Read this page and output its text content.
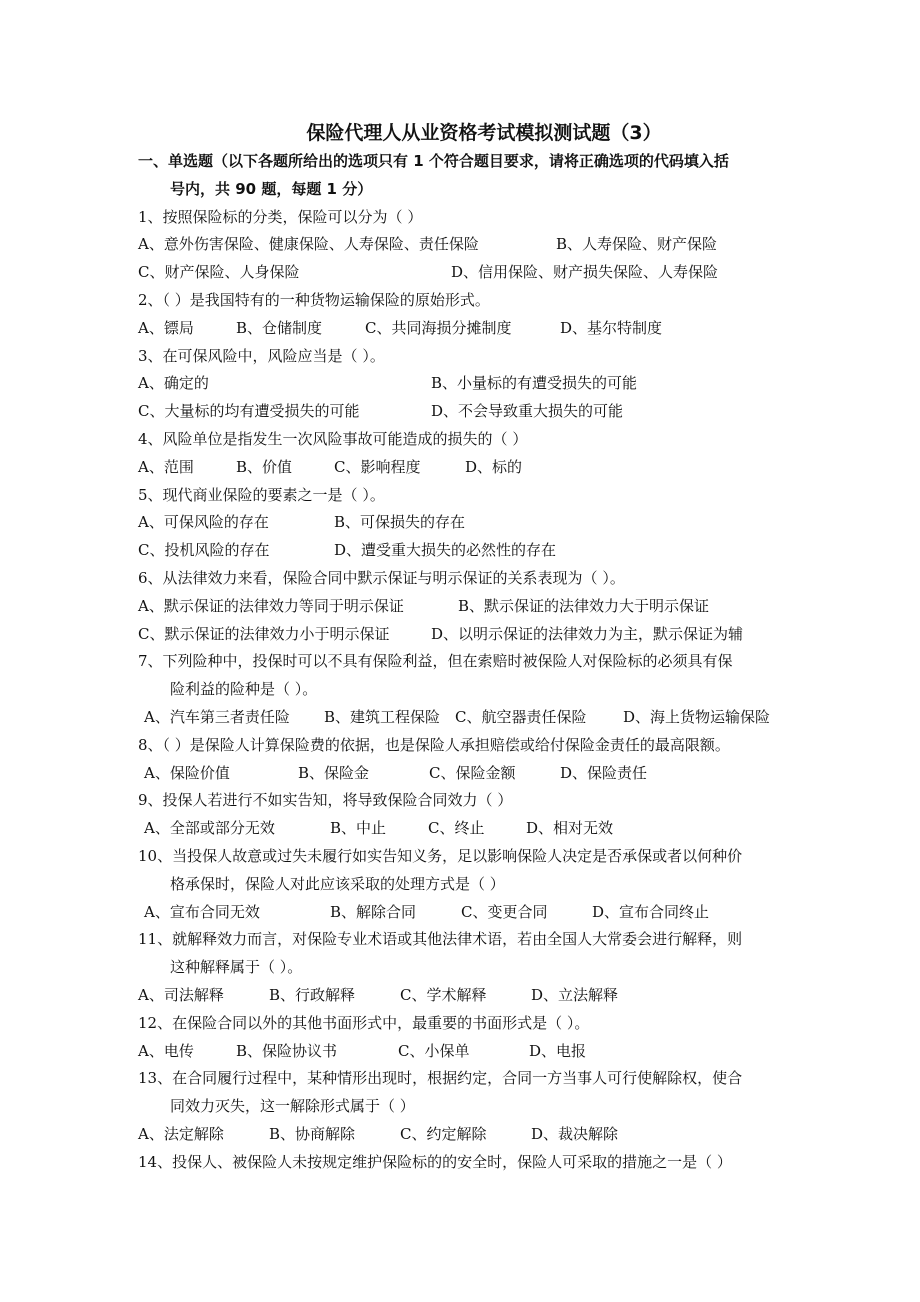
保险代理人从业资格考试模拟测试题（3）
一、单选题（以下各题所给出的选项只有 1 个符合题目要求，请将正确选项的代码填入括
号内，共 90 题，每题 1 分）
1、按照保险标的分类，保险可以分为（ ）
A、意外伤害保险、健康保险、人寿保险、责任保险	B、人寿保险、财产保险
C、财产保险、人身保险	D、信用保险、财产损失保险、人寿保险
2、（ ）是我国特有的一种货物运输保险的原始形式。
A、镖局	B、仓储制度	C、共同海损分摊制度	D、基尔特制度
3、在可保风险中，风险应当是（ ）。
A、确定的	B、小量标的有遭受损失的可能
C、大量标的均有遭受损失的可能	D、不会导致重大损失的可能
4、风险单位是指发生一次风险事故可能造成的损失的（ ）
A、范围	B、价值	C、影响程度	D、标的
5、现代商业保险的要素之一是（ ）。
A、可保风险的存在	B、可保损失的存在
C、投机风险的存在	D、遭受重大损失的必然性的存在
6、从法律效力来看，保险合同中默示保证与明示保证的关系表现为（ ）。
A、默示保证的法律效力等同于明示保证	B、默示保证的法律效力大于明示保证
C、默示保证的法律效力小于明示保证	D、以明示保证的法律效力为主，默示保证为辅
7、下列险种中，投保时可以不具有保险利益，但在索赔时被保险人对保险标的必须具有保
险利益的险种是（ ）。
A、汽车第三者责任险	B、建筑工程保险 C、航空器责任保险	D、海上货物运输保险
8、（ ）是保险人计算保险费的依据，也是保险人承担赔偿或给付保险金责任的最高限额。
A、保险价值	B、保险金	C、保险金额	D、保险责任
9、投保人若进行不如实告知，将导致保险合同效力（ ）
A、全部或部分无效	B、中止	C、终止	D、相对无效
10、当投保人故意或过失未履行如实告知义务，足以影响保险人决定是否承保或者以何种价
格承保时，保险人对此应该采取的处理方式是（ ）
A、宣布合同无效	B、解除合同	C、变更合同	D、宣布合同终止
11、就解释效力而言，对保险专业术语或其他法律术语，若由全国人大常委会进行解释，则
这种解释属于（ ）。
A、司法解释	B、行政解释	C、学术解释	D、立法解释
12、在保险合同以外的其他书面形式中，最重要的书面形式是（ ）。
A、电传	B、保险协议书	C、小保单	D、电报
13、在合同履行过程中，某种情形出现时，根据约定，合同一方当事人可行使解除权，使合
同效力灭失，这一解除形式属于（ ）
A、法定解除	B、协商解除	C、约定解除	D、裁决解除
14、投保人、被保险人未按规定维护保险标的的安全时，保险人可采取的措施之一是（ ）
